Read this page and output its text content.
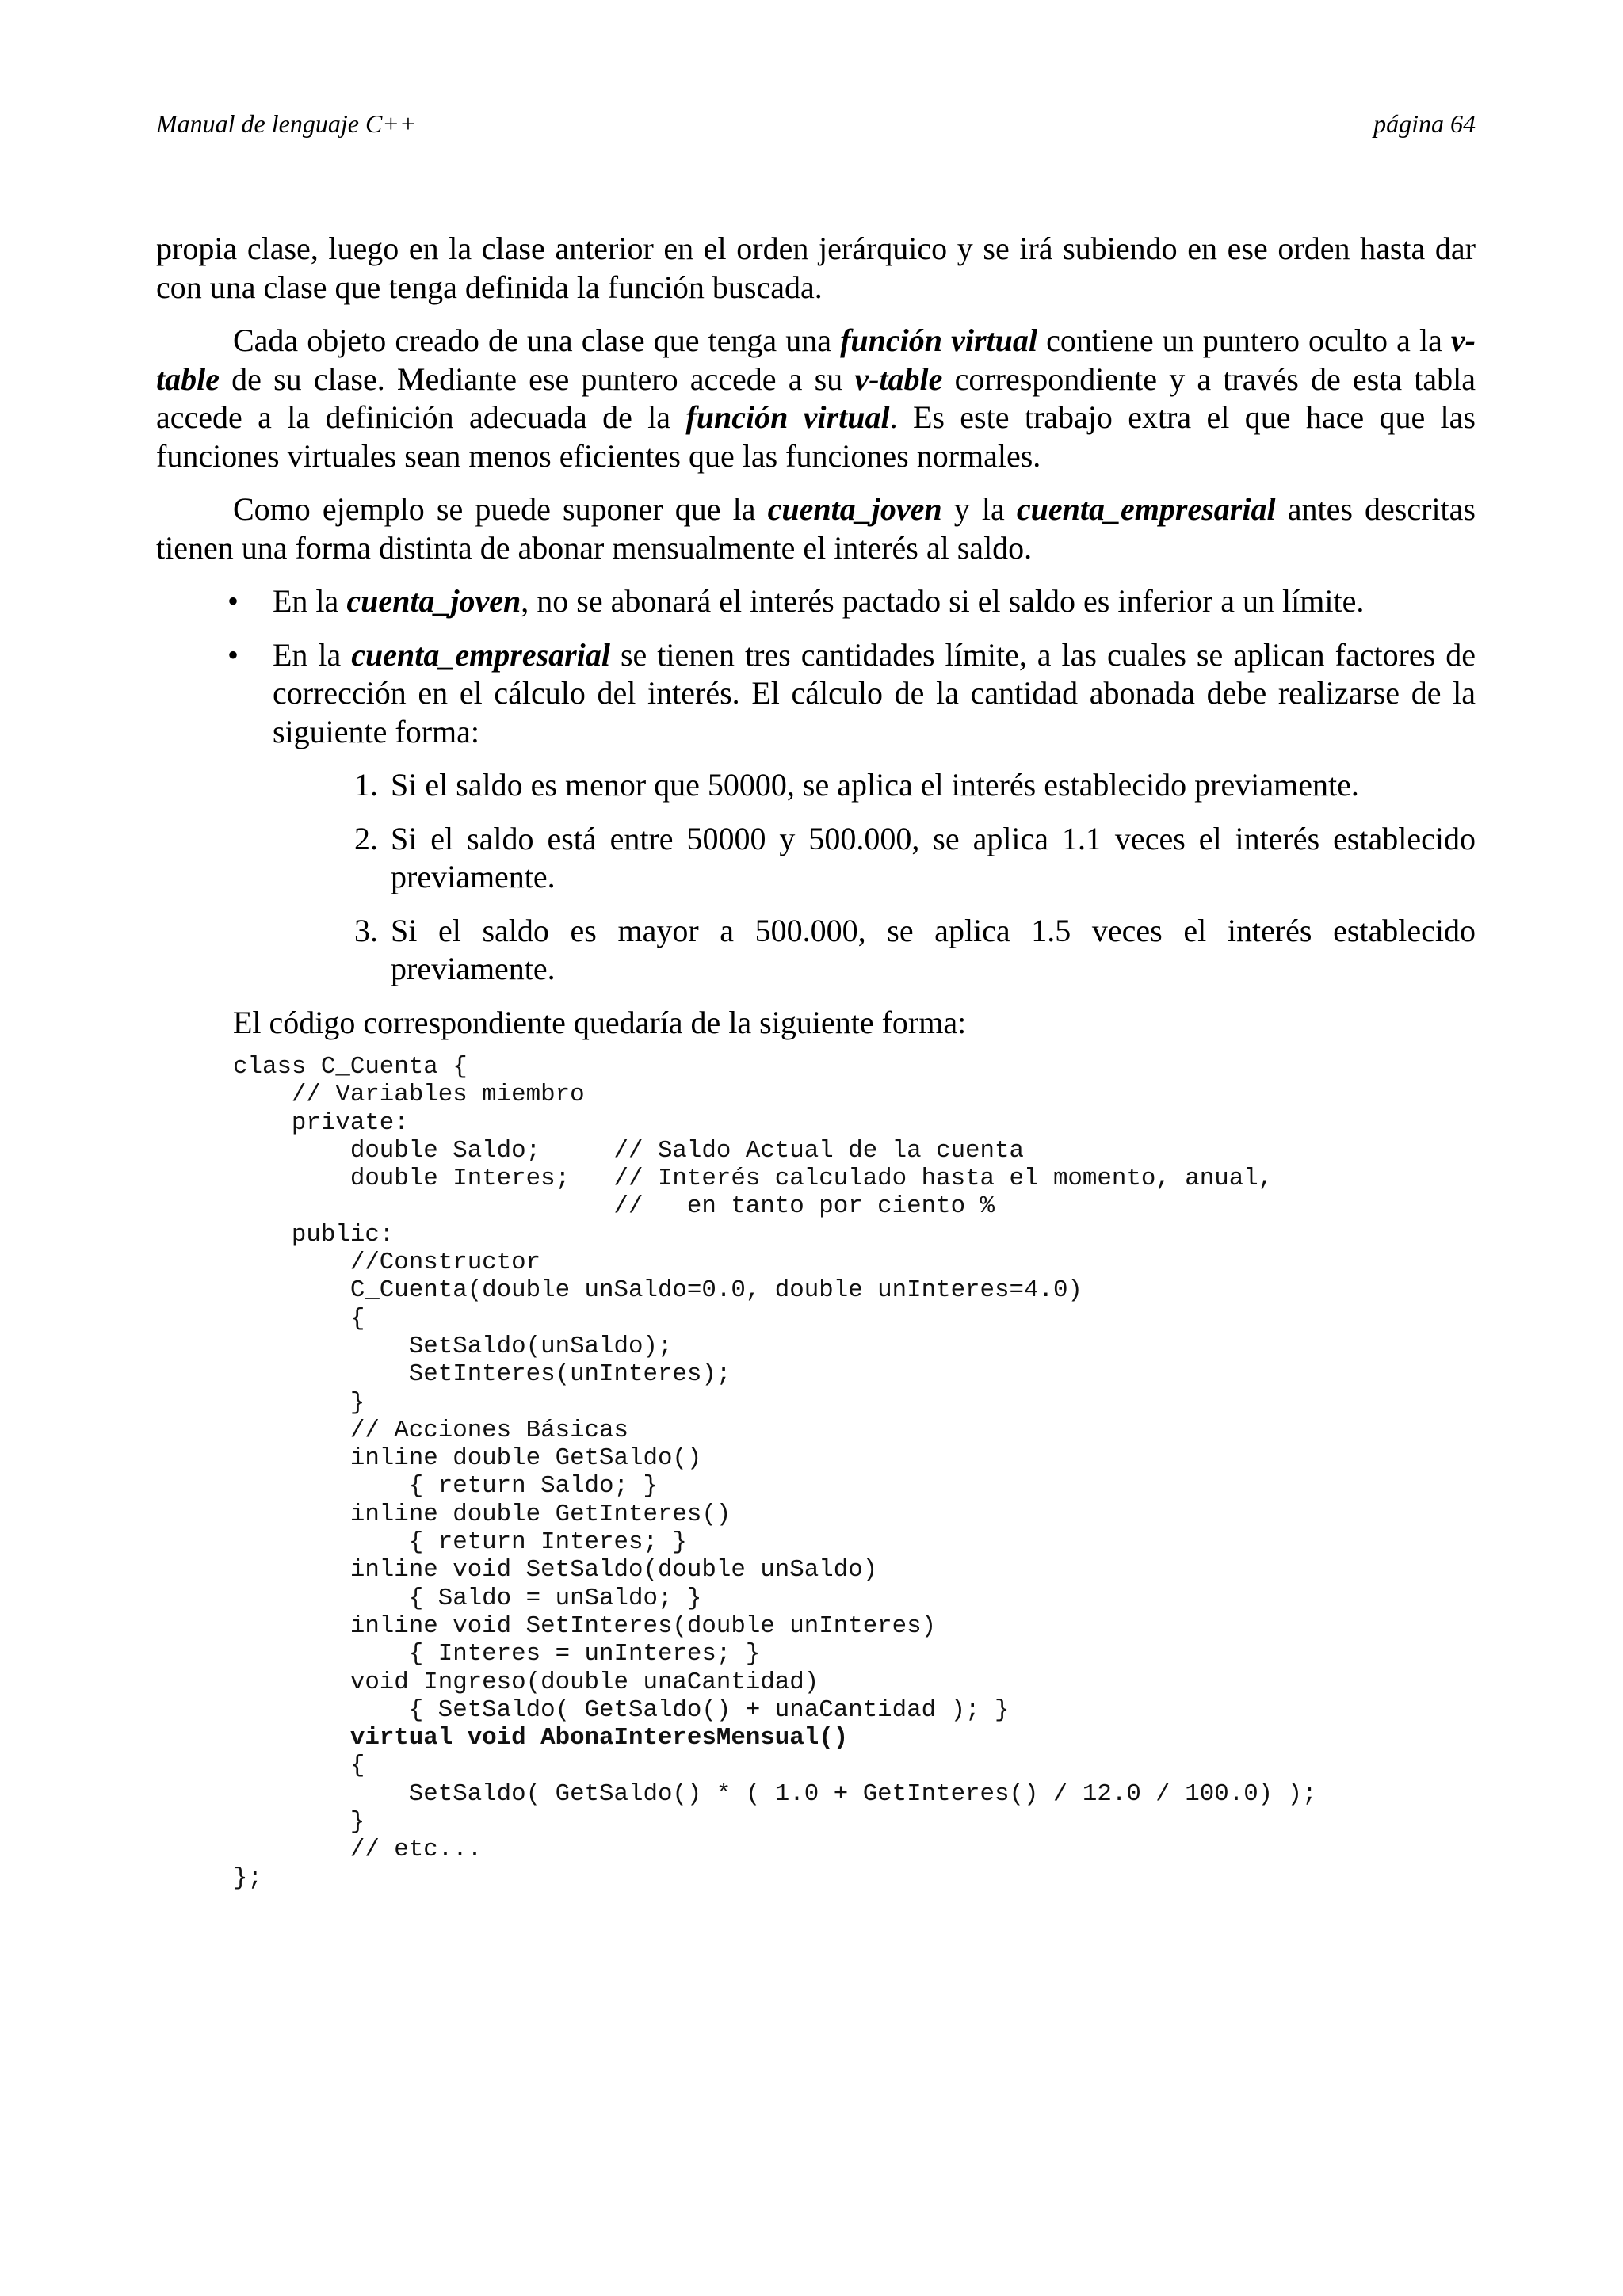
Manual de lenguaje C++	página 64

propia clase, luego en la clase anterior en el orden jerárquico y se irá subiendo en ese orden hasta dar con una clase que tenga definida la función buscada.

Cada objeto creado de una clase que tenga una función virtual contiene un puntero oculto a la v-table de su clase. Mediante ese puntero accede a su v-table correspondiente y a través de esta tabla accede a la definición adecuada de la función virtual. Es este trabajo extra el que hace que las funciones virtuales sean menos eficientes que las funciones normales.

Como ejemplo se puede suponer que la cuenta_joven y la cuenta_empresarial antes descritas tienen una forma distinta de abonar mensualmente el interés al saldo.

• En la cuenta_joven, no se abonará el interés pactado si el saldo es inferior a un límite.
• En la cuenta_empresarial se tienen tres cantidades límite, a las cuales se aplican factores de corrección en el cálculo del interés. El cálculo de la cantidad abonada debe realizarse de la siguiente forma:
1. Si el saldo es menor que 50000, se aplica el interés establecido previamente.
2. Si el saldo está entre 50000 y 500.000, se aplica 1.1 veces el interés establecido previamente.
3. Si el saldo es mayor a 500.000, se aplica 1.5 veces el interés establecido previamente.
El código correspondiente quedaría de la siguiente forma:
class C_Cuenta {
// Variables miembro
private:
double Saldo;     // Saldo Actual de la cuenta
double Interes;   // Interés calculado hasta el momento, anual,
//   en tanto por ciento %
public:
//Constructor
C_Cuenta(double unSaldo=0.0, double unInteres=4.0)
{
SetSaldo(unSaldo);
SetInteres(unInteres);
}
// Acciones Básicas
inline double GetSaldo()
{ return Saldo; }
inline double GetInteres()
{ return Interes; }
inline void SetSaldo(double unSaldo)
{ Saldo = unSaldo; }
inline void SetInteres(double unInteres)
{ Interes = unInteres; }
void Ingreso(double unaCantidad)
{ SetSaldo( GetSaldo() + unaCantidad ); }
virtual void AbonaInteresMensual()
{
SetSaldo( GetSaldo() * ( 1.0 + GetInteres() / 12.0 / 100.0) );
}
// etc...
};
